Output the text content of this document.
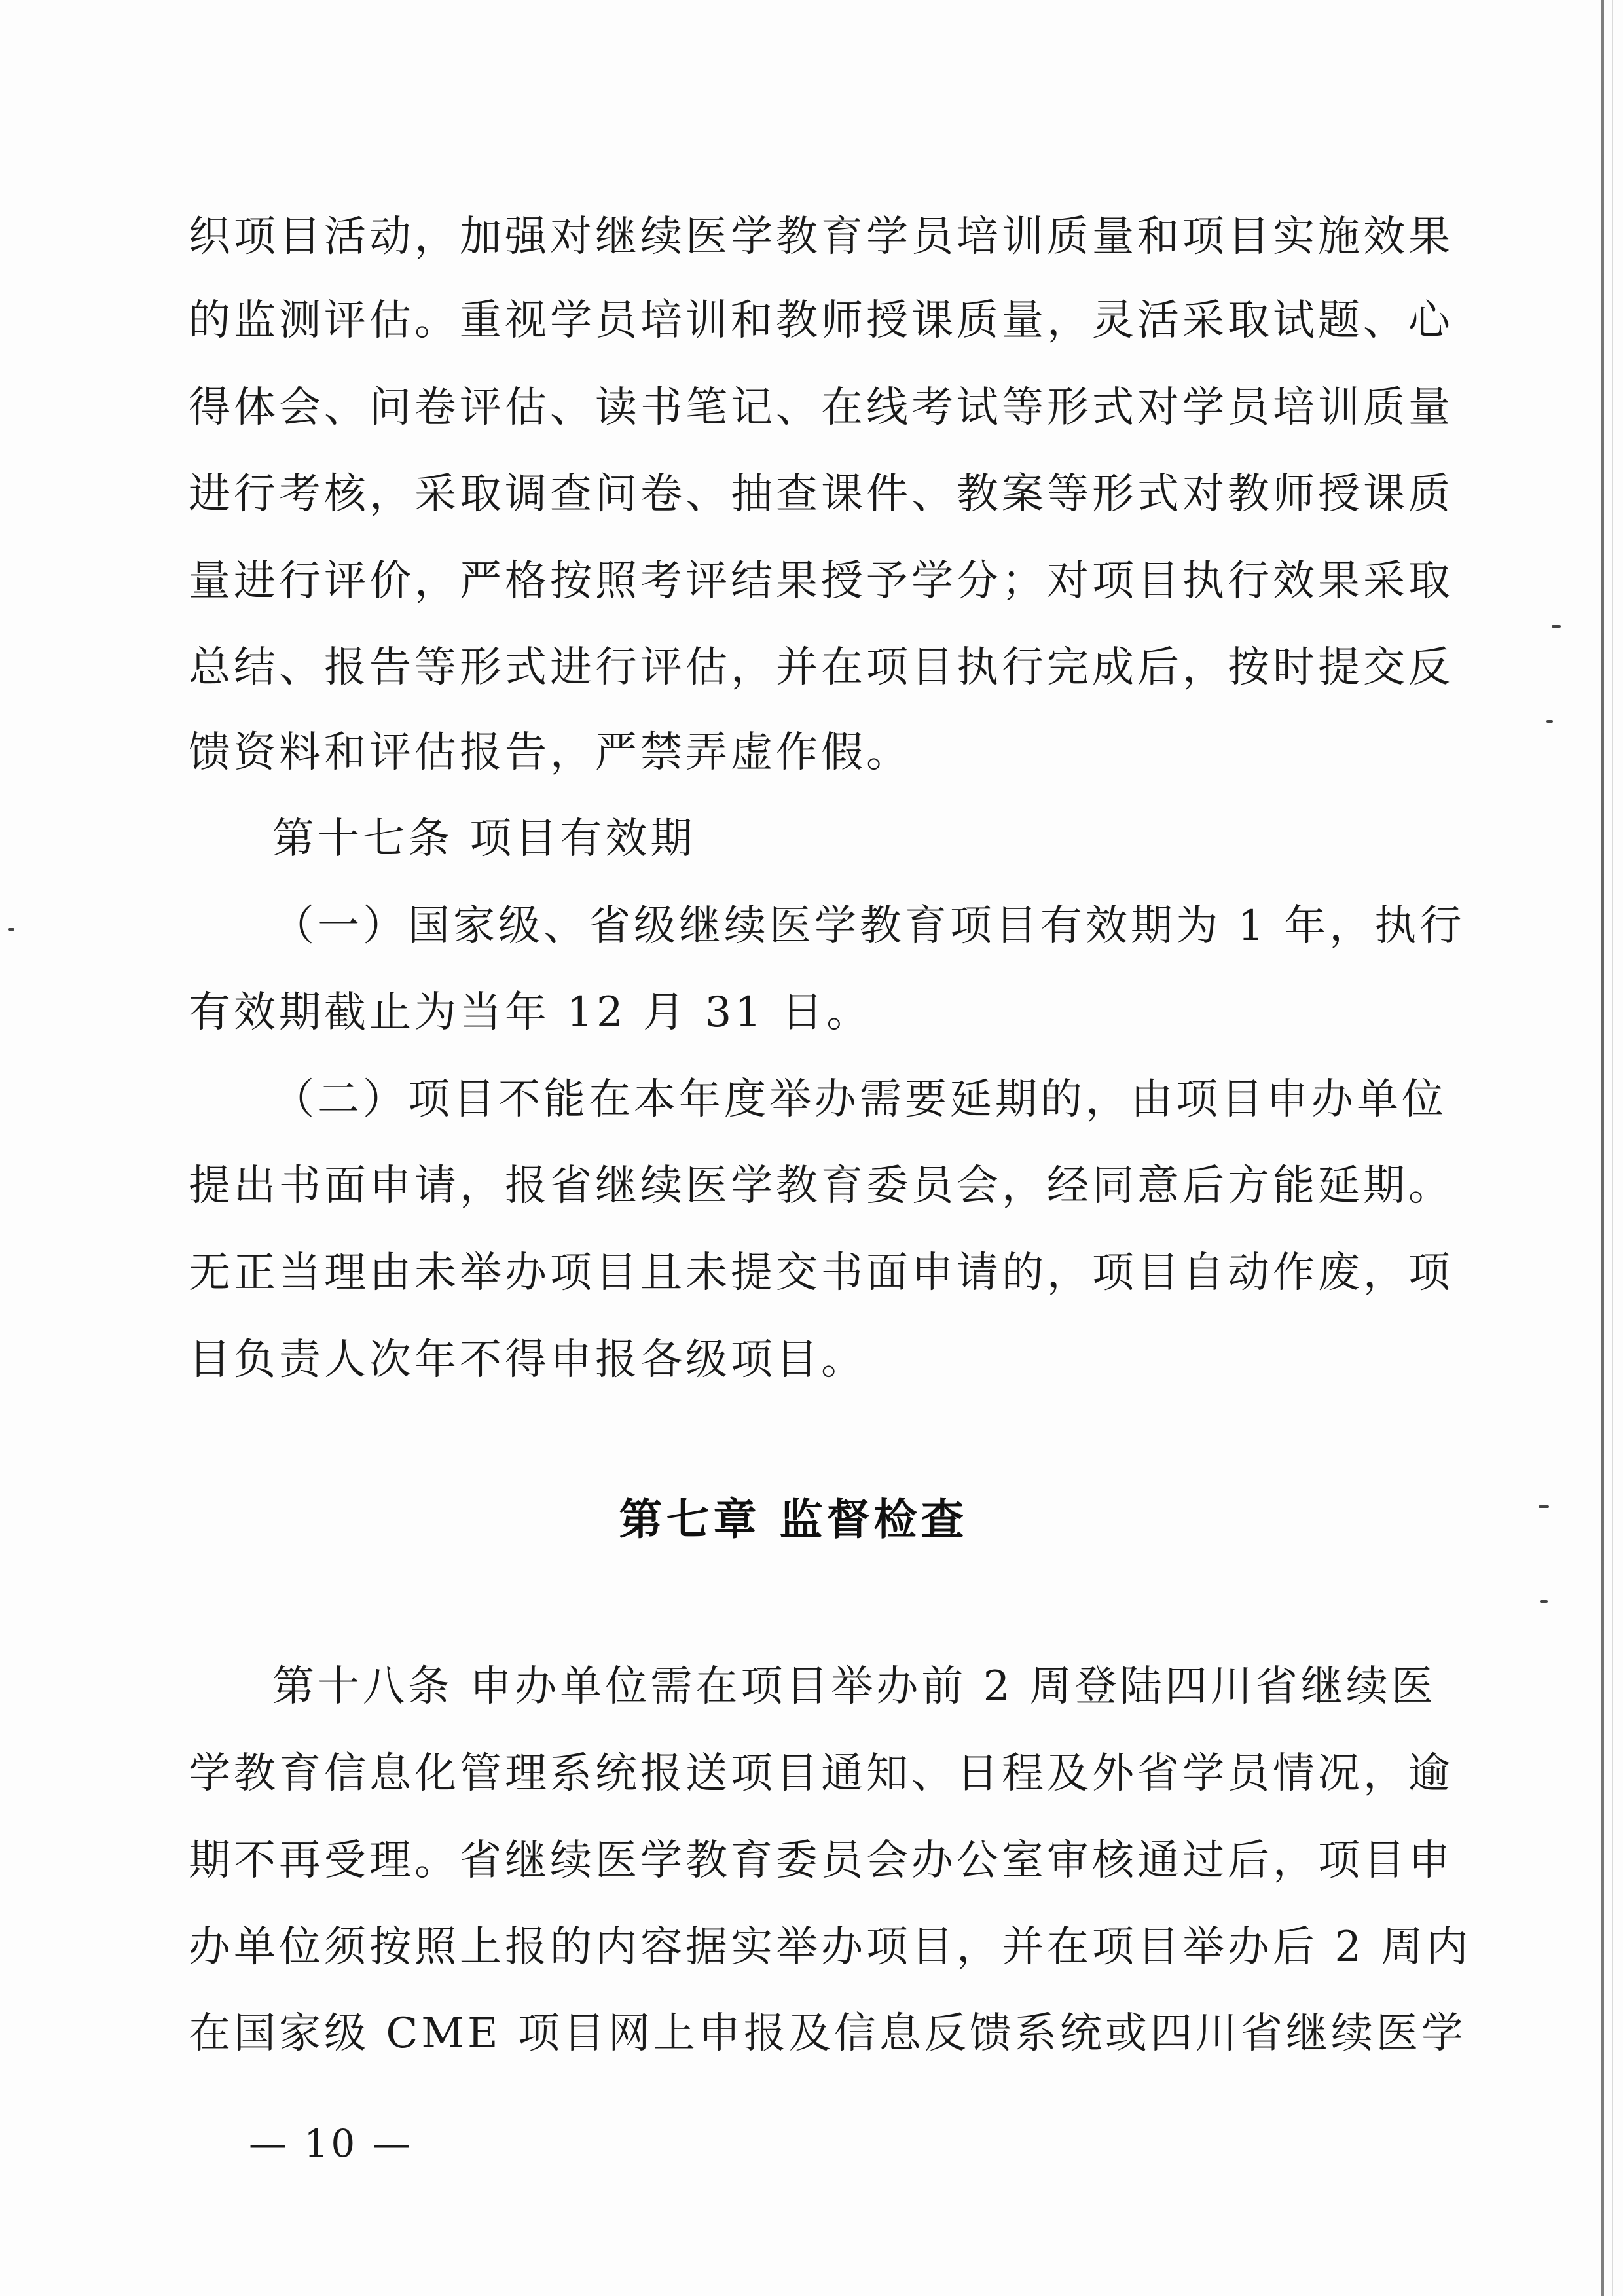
织项目活动，加强对继续医学教育学员培训质量和项目实施效果
的监测评估。重视学员培训和教师授课质量，灵活采取试题、心
得体会、问卷评估、读书笔记、在线考试等形式对学员培训质量
进行考核，采取调查问卷、抽查课件、教案等形式对教师授课质
量进行评价，严格按照考评结果授予学分；对项目执行效果采取
总结、报告等形式进行评估，并在项目执行完成后，按时提交反
馈资料和评估报告，严禁弄虚作假。
第十七条 项目有效期
（一）国家级、省级继续医学教育项目有效期为 1 年，执行
有效期截止为当年 12 月 31 日。
（二）项目不能在本年度举办需要延期的，由项目申办单位
提出书面申请，报省继续医学教育委员会，经同意后方能延期。
无正当理由未举办项目且未提交书面申请的，项目自动作废，项
目负责人次年不得申报各级项目。
第七章 监督检查
第十八条 申办单位需在项目举办前 2 周登陆四川省继续医
学教育信息化管理系统报送项目通知、日程及外省学员情况，逾
期不再受理。省继续医学教育委员会办公室审核通过后，项目申
办单位须按照上报的内容据实举办项目，并在项目举办后 2 周内
在国家级 CME 项目网上申报及信息反馈系统或四川省继续医学
— 10 —
